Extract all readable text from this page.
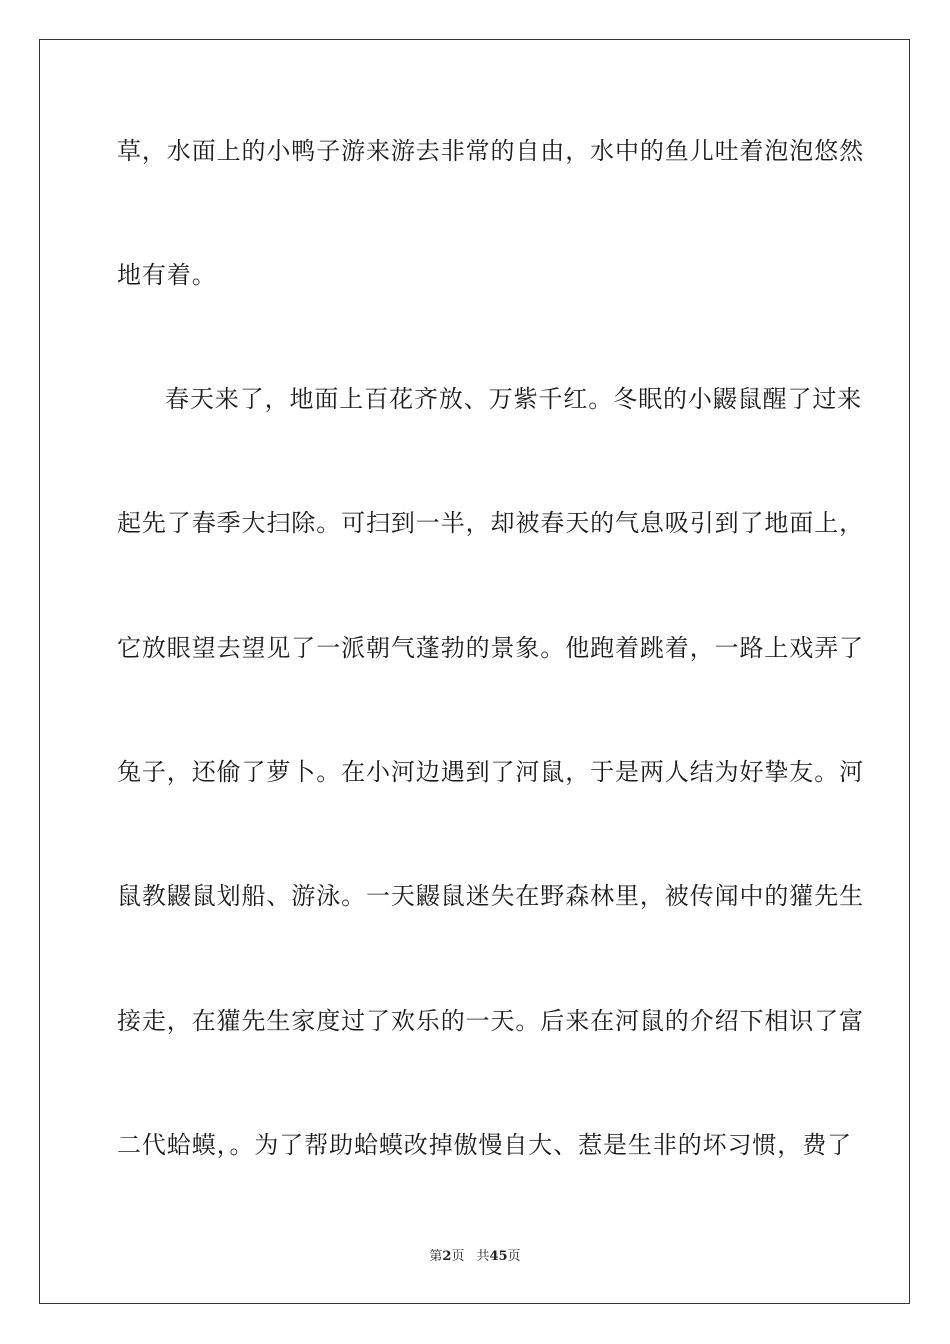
草，水面上的小鸭子游来游去非常的自由，水中的鱼儿吐着泡泡悠然
地有着。
春天来了，地面上百花齐放、万紫千红。冬眠的小鼹鼠醒了过来
起先了春季大扫除。可扫到一半，却被春天的气息吸引到了地面上，
它放眼望去望见了一派朝气蓬勃的景象。他跑着跳着，一路上戏弄了
兔子，还偷了萝卜。在小河边遇到了河鼠，于是两人结为好挚友。河
鼠教鼹鼠划船、游泳。一天鼹鼠迷失在野森林里，被传闻中的獾先生
接走，在獾先生家度过了欢乐的一天。后来在河鼠的介绍下相识了富
二代蛤蟆，。为了帮助蛤蟆改掉傲慢自大、惹是生非的坏习惯，费了
第2页 共45页
